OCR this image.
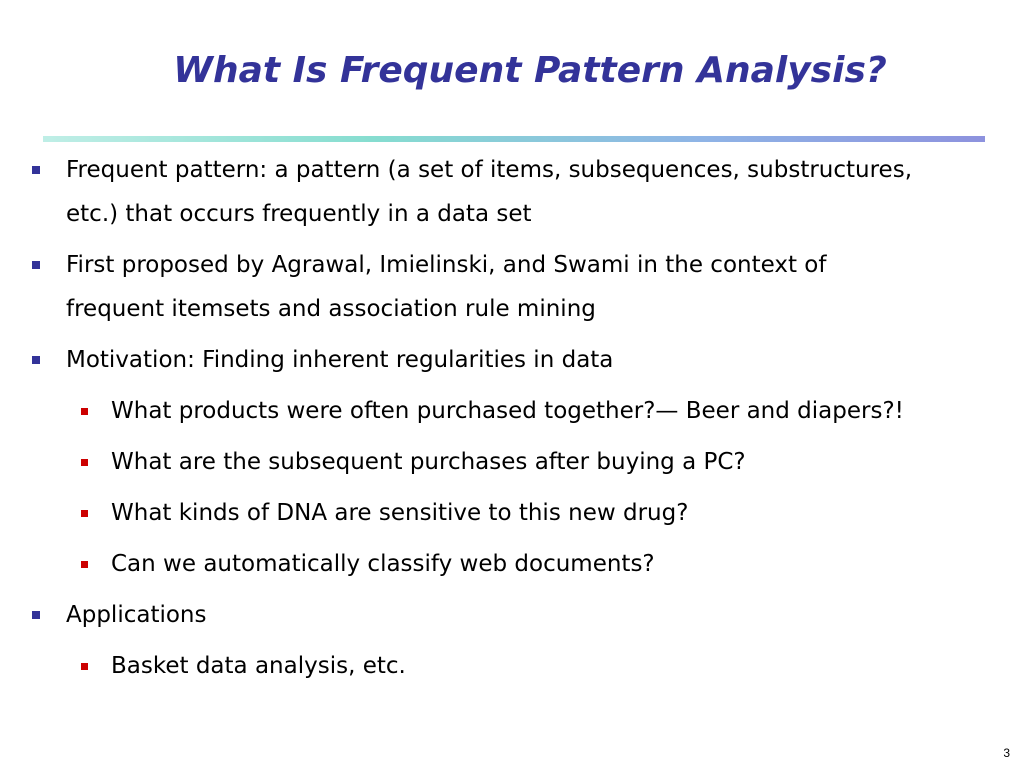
What Is Frequent Pattern Analysis?
Frequent pattern: a pattern (a set of items, subsequences, substructures,
etc.) that occurs frequently in a data set
First proposed by Agrawal, Imielinski, and Swami in the context of
frequent itemsets and association rule mining
Motivation: Finding inherent regularities in data
What products were often purchased together?— Beer and diapers?!
What are the subsequent purchases after buying a PC?
What kinds of DNA are sensitive to this new drug?
Can we automatically classify web documents?
Applications
Basket data analysis, etc.
3
